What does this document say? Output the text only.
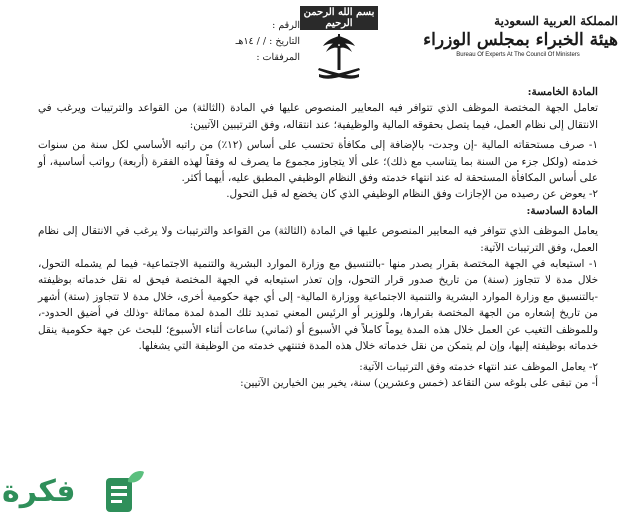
المملكة العربية السعودية
هيئة الخبراء بمجلس الوزراء
Bureau Of Experts At The Council Of Ministers
بسم الله الرحمن الرحيم
الرقم :
التاريخ : / / ١٤هـ
المرفقات :

المادة الخامسة:

تعامل الجهة المختصة الموظف الذي تتوافر فيه المعايير المنصوص عليها في المادة (الثالثة) من القواعد والترتيبات ويرغب في الانتقال إلى نظام العمل، فيما يتصل بحقوقه المالية والوظيفية؛ عند انتقاله، وفق الترتيبين الآتيين:

١- صرف مستحقاته المالية -إن وجدت- بالإضافة إلى مكافأة تحتسب على أساس (١٢٪) من راتبه الأساسي لكل سنة من سنوات خدمته (ولكل جزء من السنة بما يتناسب مع ذلك)؛ على ألا يتجاوز مجموع ما يصرف له وفقاً لهذه الفقرة (أربعة) رواتب أساسية، أو على أساس المكافأة المستحقة له عند انتهاء خدمته وفق النظام الوظيفي المطبق عليه، أيهما أكثر.

٢- يعوض عن رصيده من الإجازات وفق النظام الوظيفي الذي كان يخضع له قبل التحول.

المادة السادسة:

يعامل الموظف الذي تتوافر فيه المعايير المنصوص عليها في المادة (الثالثة) من القواعد والترتيبات ولا يرغب في الانتقال إلى نظام العمل، وفق الترتيبات الآتية:

١- استيعابه في الجهة المختصة بقرار يصدر منها -بالتنسيق مع وزارة الموارد البشرية والتنمية الاجتماعية- فيما لم يشمله التحول، خلال مدة لا تتجاوز (سنة) من تاريخ صدور قرار التحول، وإن تعذر استيعابه في الجهة المختصة فيحق له نقل خدماته بوظيفته -بالتنسيق مع وزارة الموارد البشرية والتنمية الاجتماعية ووزارة المالية- إلى أي جهة حكومية أخرى، خلال مدة لا تتجاوز (ستة) أشهر من تاريخ إشعاره من الجهة المختصة بقرارها، وللوزير أو الرئيس المعني تمديد تلك المدة لمدة مماثلة -وذلك في أضيق الحدود-، وللموظف التغيب عن العمل خلال هذه المدة يوماً كاملاً في الأسبوع أو (ثماني) ساعات أثناء الأسبوع؛ للبحث عن جهة حكومية ينقل خدماته بوظيفته إليها، وإن لم يتمكن من نقل خدماته خلال هذه المدة فتنتهي خدمته من الوظيفة التي يشغلها.

٢- يعامل الموظف عند انتهاء خدمته وفق الترتيبات الآتية:

أ- من تبقى على بلوغه سن التقاعد (خمس وعشرين) سنة، يخير بين الخيارين الآتيين:

فكرة
